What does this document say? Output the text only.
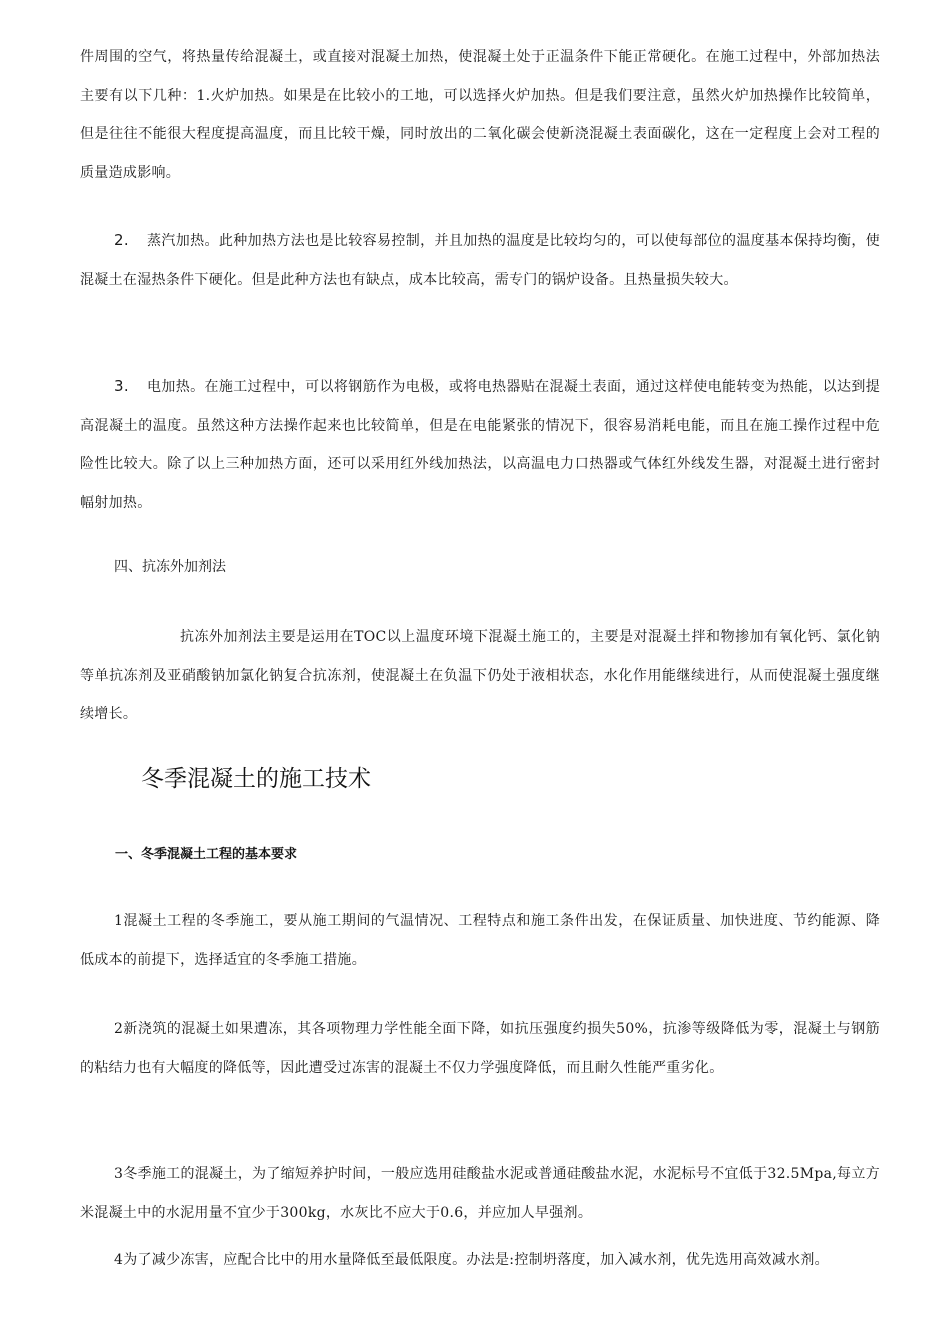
件周围的空气，将热量传给混凝土，或直接对混凝土加热，使混凝土处于正温条件下能正常硬化。在施工过程中，外部加热法主要有以下几种：1.火炉加热。如果是在比较小的工地，可以选择火炉加热。但是我们要注意，虽然火炉加热操作比较简单，但是往往不能很大程度提高温度，而且比较干燥，同时放出的二氧化碳会使新浇混凝土表面碳化，这在一定程度上会对工程的质量造成影响。

2. 蒸汽加热。此种加热方法也是比较容易控制，并且加热的温度是比较均匀的，可以使每部位的温度基本保持均衡，使混凝土在湿热条件下硬化。但是此种方法也有缺点，成本比较高，需专门的锅炉设备。且热量损失较大。

3. 电加热。在施工过程中，可以将钢筋作为电极，或将电热器贴在混凝土表面，通过这样使电能转变为热能，以达到提高混凝土的温度。虽然这种方法操作起来也比较简单，但是在电能紧张的情况下，很容易消耗电能，而且在施工操作过程中危险性比较大。除了以上三种加热方面，还可以采用红外线加热法，以高温电力口热器或气体红外线发生器，对混凝土进行密封幅射加热。

四、抗冻外加剂法

抗冻外加剂法主要是运用在TOC以上温度环境下混凝土施工的，主要是对混凝土拌和物掺加有氧化钙、氯化钠等单抗冻剂及亚硝酸钠加氯化钠复合抗冻剂，使混凝土在负温下仍处于液相状态，水化作用能继续进行，从而使混凝土强度继续增长。

冬季混凝土的施工技术
一、冬季混凝土工程的基本要求

1混凝土工程的冬季施工，要从施工期间的气温情况、工程特点和施工条件出发，在保证质量、加快进度、节约能源、降低成本的前提下，选择适宜的冬季施工措施。

2新浇筑的混凝土如果遭冻，其各项物理力学性能全面下降，如抗压强度约损失50%，抗渗等级降低为零，混凝土与钢筋的粘结力也有大幅度的降低等，因此遭受过冻害的混凝土不仅力学强度降低，而且耐久性能严重劣化。

3冬季施工的混凝土，为了缩短养护时间，一般应选用硅酸盐水泥或普通硅酸盐水泥，水泥标号不宜低于32.5Mpa,每立方米混凝土中的水泥用量不宜少于300kg，水灰比不应大于0.6，并应加人早强剂。

4为了减少冻害，应配合比中的用水量降低至最低限度。办法是:控制坍落度，加入减水剂，优先选用高效减水剂。
